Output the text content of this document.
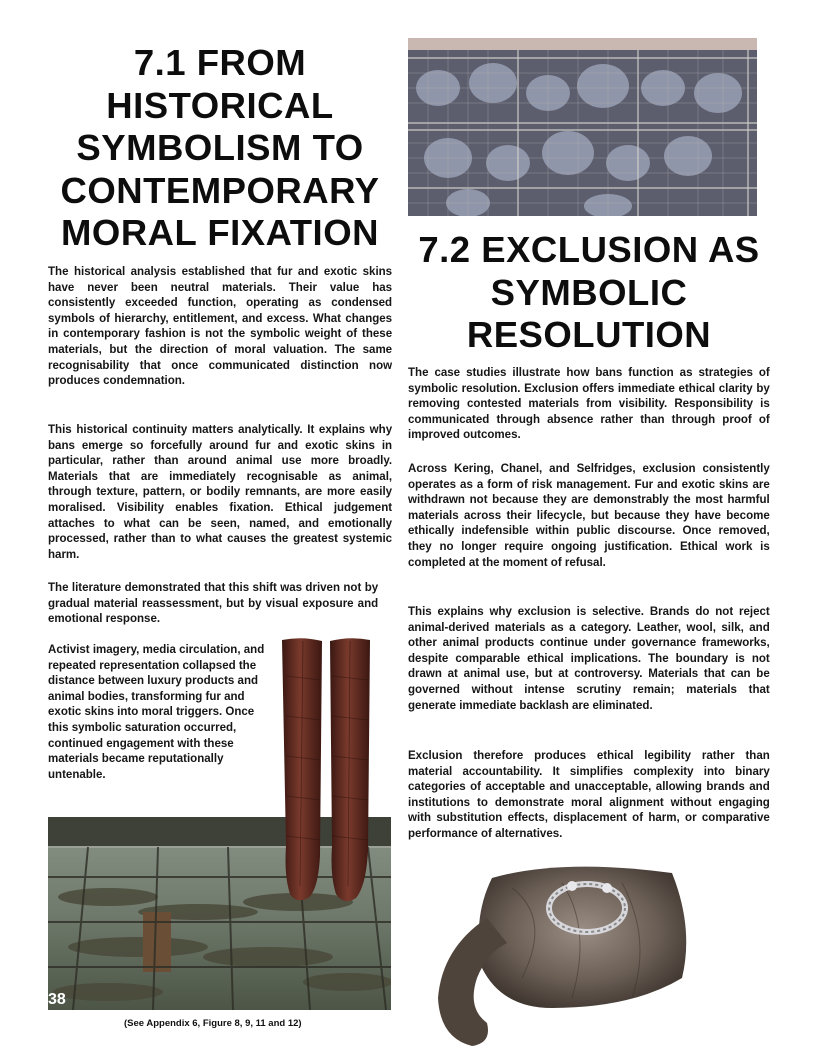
7.1 FROM HISTORICAL SYMBOLISM TO CONTEMPORARY MORAL FIXATION

The historical analysis established that fur and exotic skins have never been neutral materials. Their value has consistently exceeded function, operating as condensed symbols of hierarchy, entitlement, and excess. What changes in contemporary fashion is not the symbolic weight of these materials, but the direction of moral valuation. The same recognisability that once communicated distinction now produces condemnation.

This historical continuity matters analytically. It explains why bans emerge so forcefully around fur and exotic skins in particular, rather than around animal use more broadly. Materials that are immediately recognisable as animal, through texture, pattern, or bodily remnants, are more easily moralised. Visibility enables fixation. Ethical judgement attaches to what can be seen, named, and emotionally processed, rather than to what causes the greatest systemic harm.

The literature demonstrated that this shift was driven not by gradual material reassessment, but by visual exposure and emotional response.

Activist imagery, media circulation, and repeated representation collapsed the distance between luxury products and animal bodies, transforming fur and exotic skins into moral triggers. Once this symbolic saturation occurred, continued engagement with these materials became reputationally untenable.

38
(See Appendix 6, Figure 8, 9, 11 and 12)
7.2 EXCLUSION AS SYMBOLIC RESOLUTION

The case studies illustrate how bans function as strategies of symbolic resolution. Exclusion offers immediate ethical clarity by removing contested materials from visibility. Responsibility is communicated through absence rather than through proof of improved outcomes.

Across Kering, Chanel, and Selfridges, exclusion consistently operates as a form of risk management. Fur and exotic skins are withdrawn not because they are demonstrably the most harmful materials across their lifecycle, but because they have become ethically indefensible within public discourse. Once removed, they no longer require ongoing justification. Ethical work is completed at the moment of refusal.

This explains why exclusion is selective. Brands do not reject animal-derived materials as a category. Leather, wool, silk, and other animal products continue under governance frameworks, despite comparable ethical implications. The boundary is not drawn at animal use, but at controversy. Materials that can be governed without intense scrutiny remain; materials that generate immediate backlash are eliminated.

Exclusion therefore produces ethical legibility rather than material accountability. It simplifies complexity into binary categories of acceptable and unacceptable, allowing brands and institutions to demonstrate moral alignment without engaging with substitution effects, displacement of harm, or comparative performance of alternatives.
